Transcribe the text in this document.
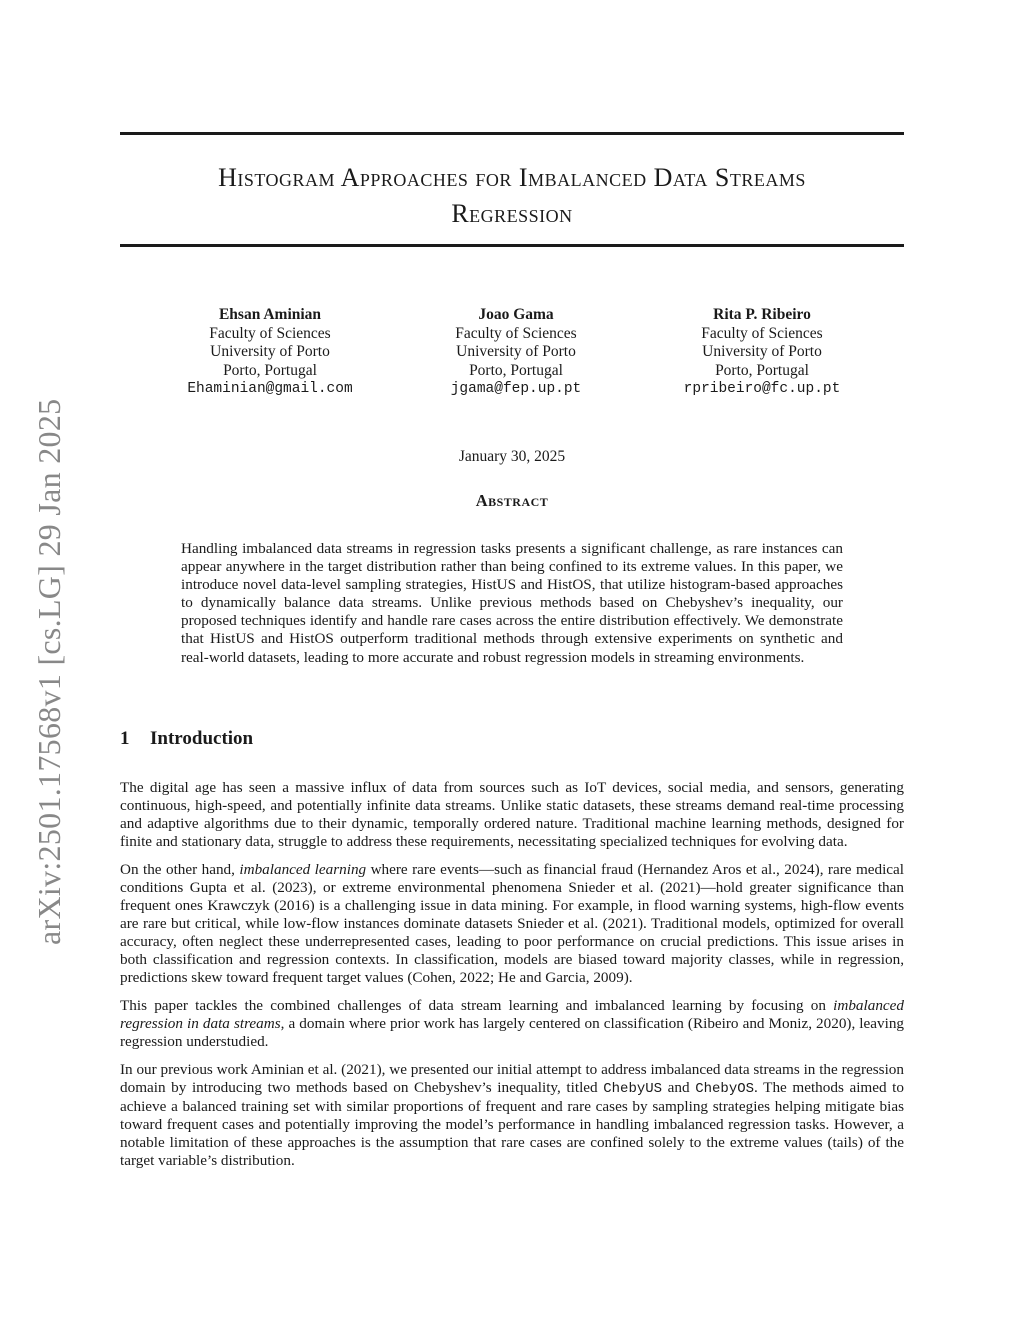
arXiv:2501.17568v1 [cs.LG] 29 Jan 2025
Histogram Approaches for Imbalanced Data Streams
Regression
Ehsan Aminian
Faculty of Sciences
University of Porto
Porto, Portugal
Ehaminian@gmail.com
Joao Gama
Faculty of Sciences
University of Porto
Porto, Portugal
jgama@fep.up.pt
Rita P. Ribeiro
Faculty of Sciences
University of Porto
Porto, Portugal
rpribeiro@fc.up.pt
January 30, 2025
Abstract

Handling imbalanced data streams in regression tasks presents a significant challenge, as rare instances can appear anywhere in the target distribution rather than being confined to its extreme values. In this paper, we introduce novel data-level sampling strategies, HistUS and HistOS, that utilize histogram-based approaches to dynamically balance data streams. Unlike previous methods based on Chebyshev’s inequality, our proposed techniques identify and handle rare cases across the entire distribution effectively. We demonstrate that HistUS and HistOS outperform traditional methods through extensive experiments on synthetic and real-world datasets, leading to more accurate and robust regression models in streaming environments.

1 Introduction

The digital age has seen a massive influx of data from sources such as IoT devices, social media, and sensors, generating continuous, high-speed, and potentially infinite data streams. Unlike static datasets, these streams demand real-time processing and adaptive algorithms due to their dynamic, temporally ordered nature. Traditional machine learning methods, designed for finite and stationary data, struggle to address these requirements, necessitating specialized techniques for evolving data.

On the other hand, imbalanced learning where rare events—such as financial fraud (Hernandez Aros et al., 2024), rare medical conditions Gupta et al. (2023), or extreme environmental phenomena Snieder et al. (2021)—hold greater significance than frequent ones Krawczyk (2016) is a challenging issue in data mining. For example, in flood warning systems, high-flow events are rare but critical, while low-flow instances dominate datasets Snieder et al. (2021). Traditional models, optimized for overall accuracy, often neglect these underrepresented cases, leading to poor performance on crucial predictions. This issue arises in both classification and regression contexts. In classification, models are biased toward majority classes, while in regression, predictions skew toward frequent target values (Cohen, 2022; He and Garcia, 2009).

This paper tackles the combined challenges of data stream learning and imbalanced learning by focusing on imbalanced regression in data streams, a domain where prior work has largely centered on classification (Ribeiro and Moniz, 2020), leaving regression understudied.

In our previous work Aminian et al. (2021), we presented our initial attempt to address imbalanced data streams in the regression domain by introducing two methods based on Chebyshev’s inequality, titled ChebyUS and ChebyOS. The methods aimed to achieve a balanced training set with similar proportions of frequent and rare cases by sampling strategies helping mitigate bias toward frequent cases and potentially improving the model’s performance in handling imbalanced regression tasks. However, a notable limitation of these approaches is the assumption that rare cases are confined solely to the extreme values (tails) of the target variable’s distribution.
